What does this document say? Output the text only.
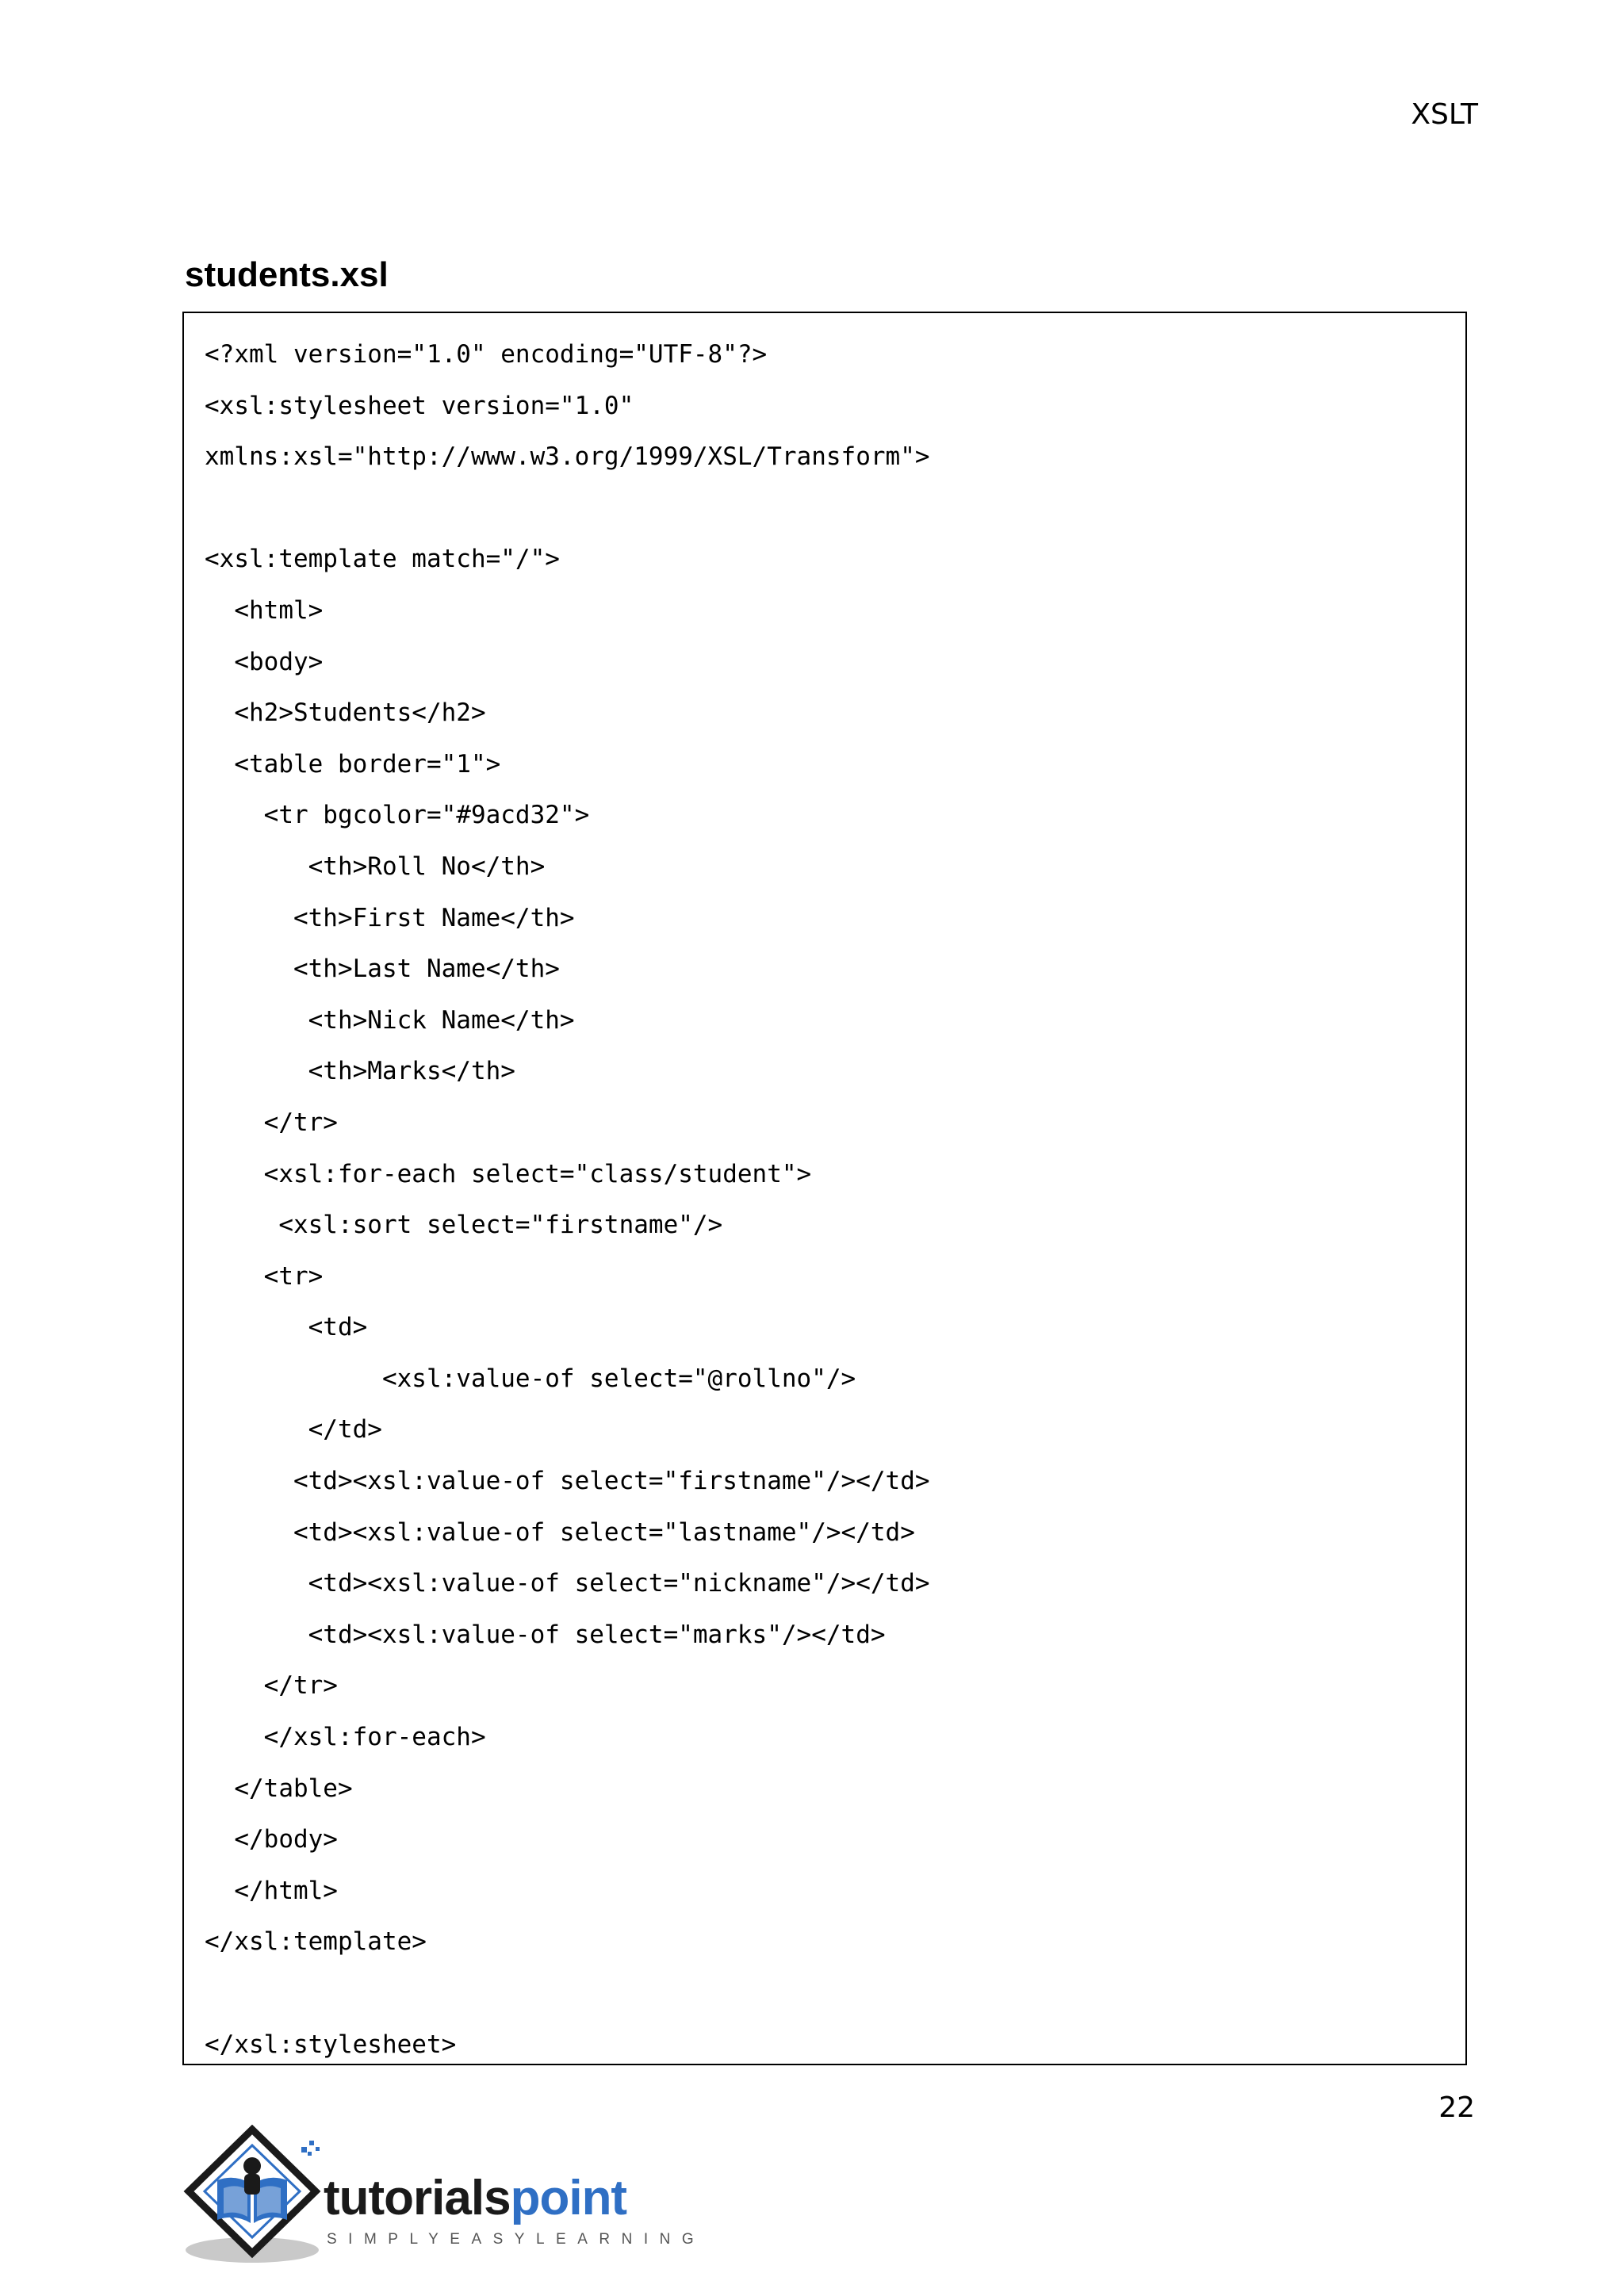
XSLT
students.xsl
<?xml version="1.0" encoding="UTF-8"?>
<xsl:stylesheet version="1.0"
xmlns:xsl="http://www.w3.org/1999/XSL/Transform">
<xsl:template match="/">
<html>
<body>
<h2>Students</h2>
<table border="1">
<tr bgcolor="#9acd32">
<th>Roll No</th>
<th>First Name</th>
<th>Last Name</th>
<th>Nick Name</th>
<th>Marks</th>
</tr>
<xsl:for-each select="class/student">
<xsl:sort select="firstname"/>
<tr>
<td>
<xsl:value-of select="@rollno"/>
</td>
<td><xsl:value-of select="firstname"/></td>
<td><xsl:value-of select="lastname"/></td>
<td><xsl:value-of select="nickname"/></td>
<td><xsl:value-of select="marks"/></td>
</tr>
</xsl:for-each>
</table>
</body>
</html>
</xsl:template>
</xsl:stylesheet>
22
tutorialspoint
SIMPLYEASYLEARNING
